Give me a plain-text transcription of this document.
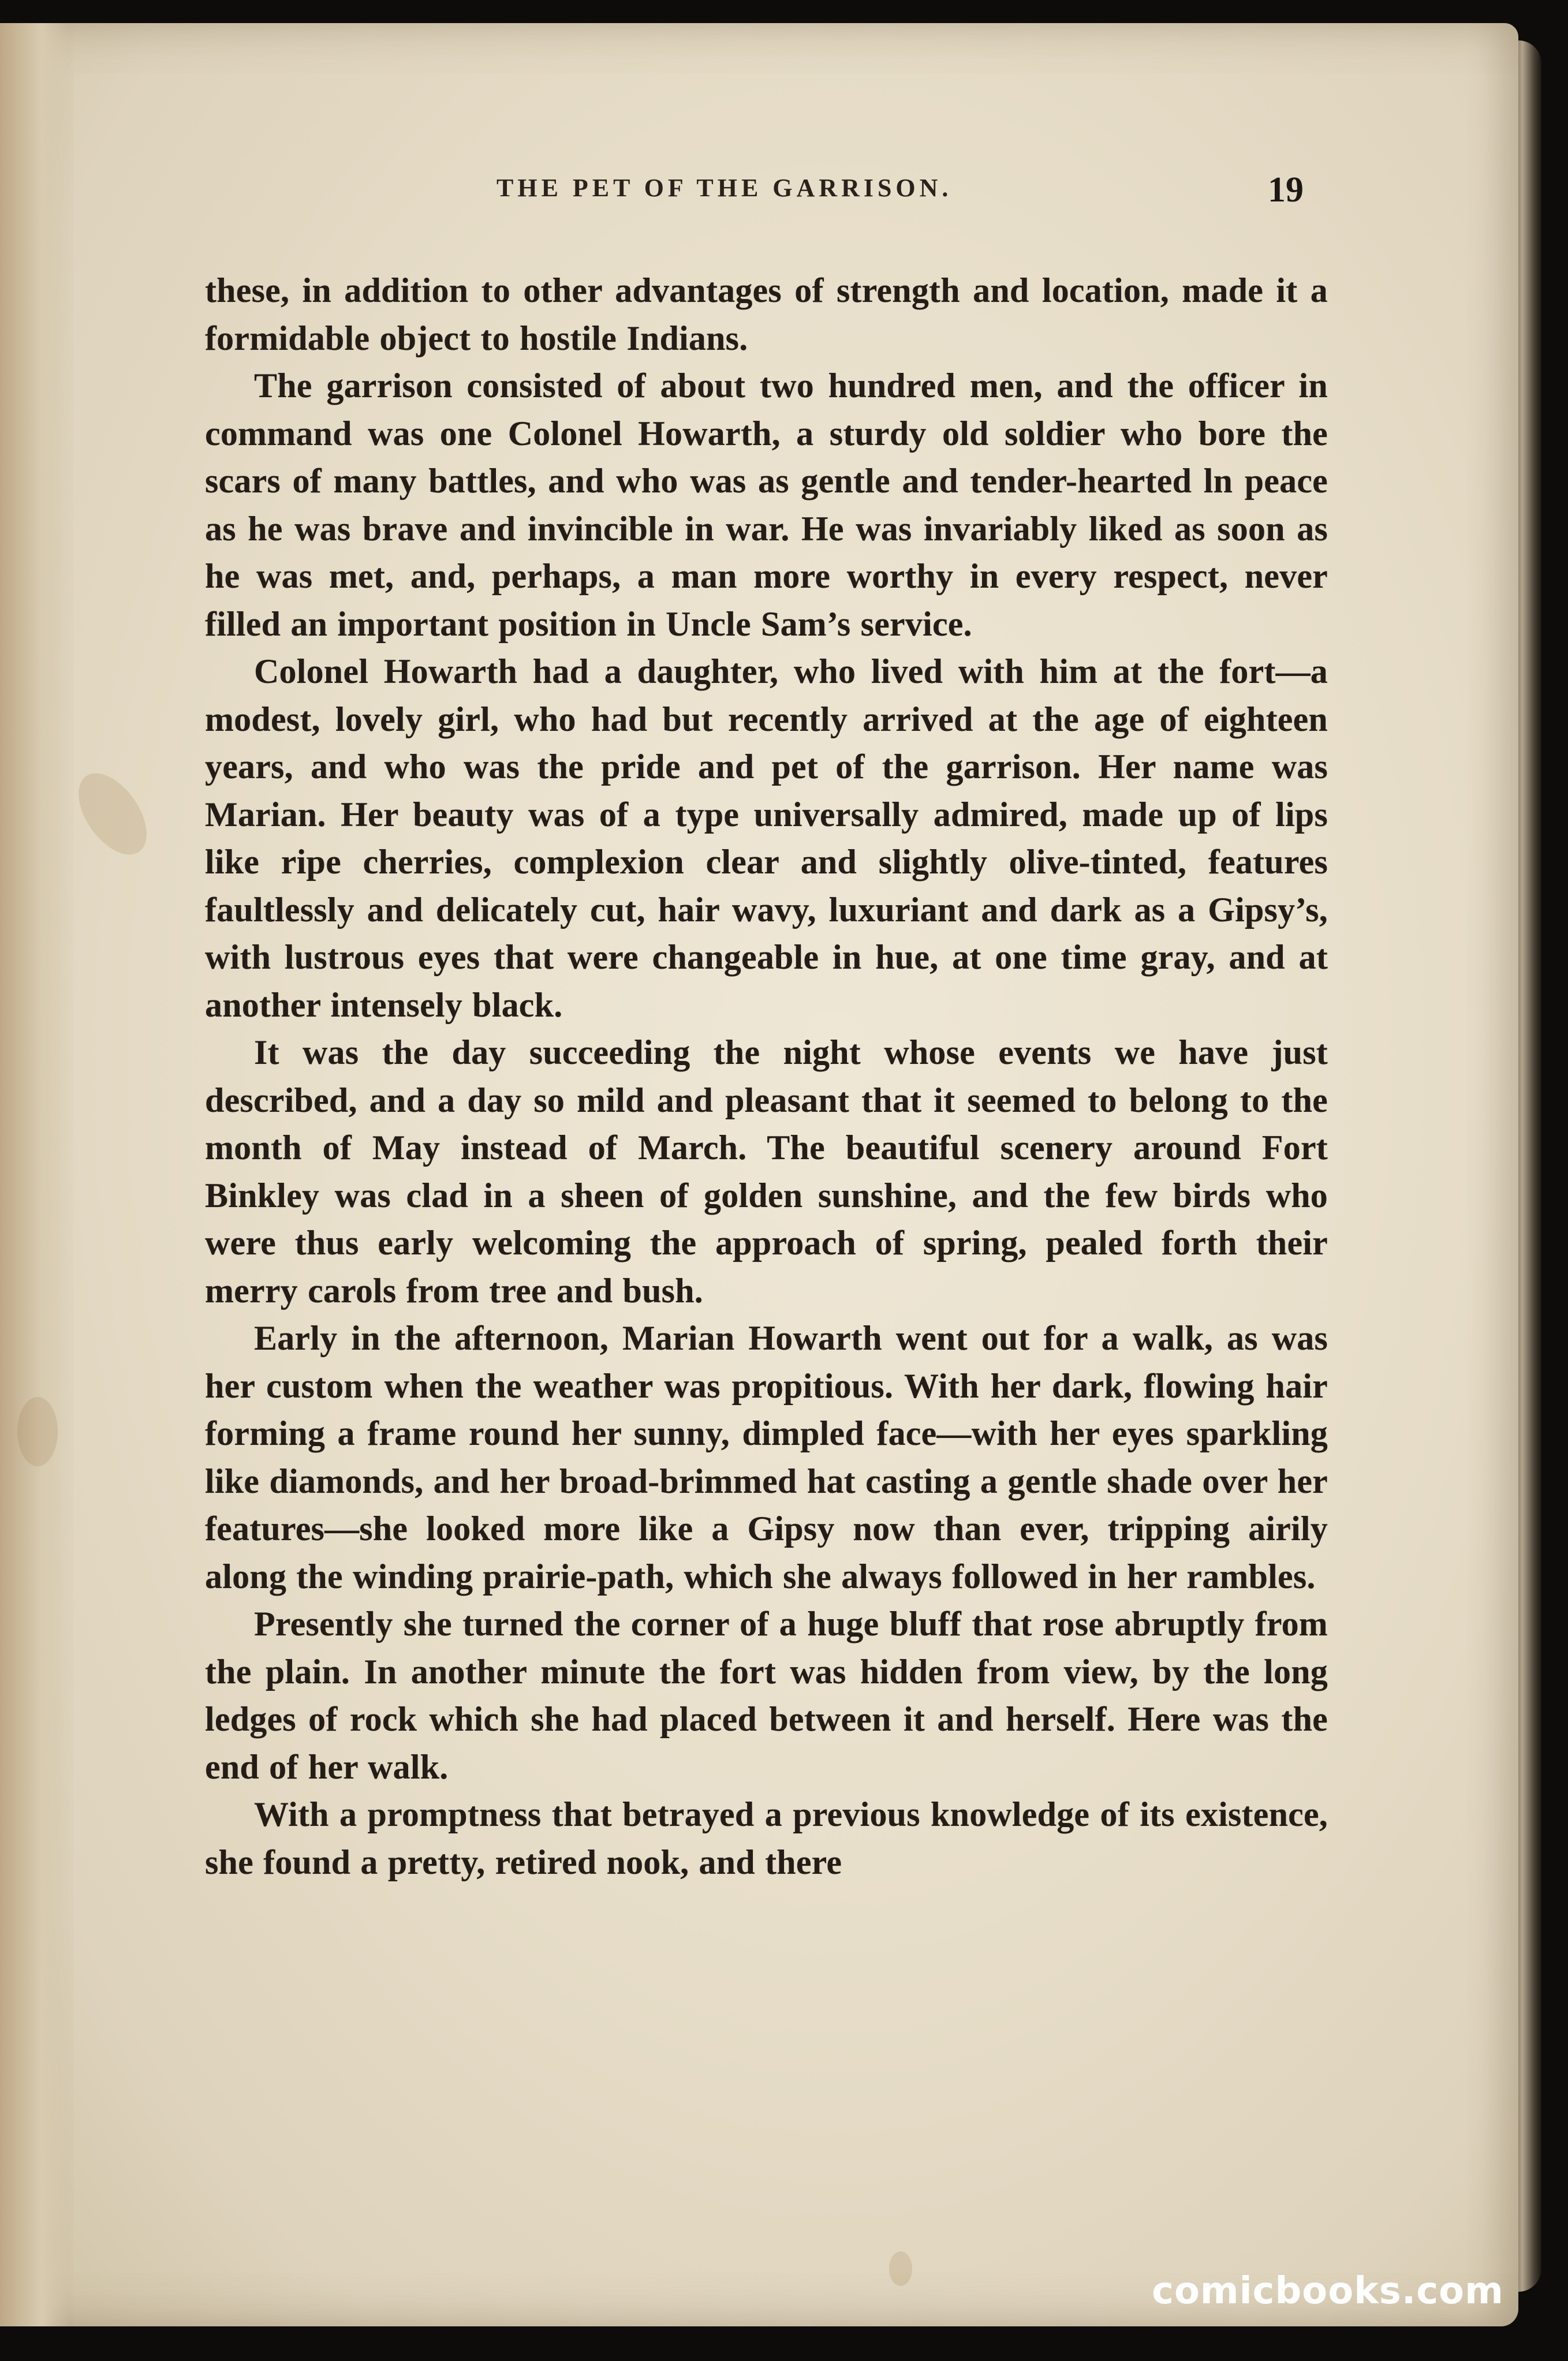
THE PET OF THE GARRISON.	19

these, in addition to other advantages of strength and location, made it a formidable object to hostile Indians.

The garrison consisted of about two hundred men, and the officer in command was one Colonel Howarth, a sturdy old soldier who bore the scars of many battles, and who was as gentle and tender-hearted ln peace as he was brave and invincible in war. He was invariably liked as soon as he was met, and, perhaps, a man more worthy in every respect, never filled an important position in Uncle Sam’s service.

Colonel Howarth had a daughter, who lived with him at the fort—a modest, lovely girl, who had but recently arrived at the age of eighteen years, and who was the pride and pet of the garrison. Her name was Marian. Her beauty was of a type universally admired, made up of lips like ripe cherries, complexion clear and slightly olive-tinted, features faultlessly and delicately cut, hair wavy, luxuriant and dark as a Gipsy’s, with lustrous eyes that were changeable in hue, at one time gray, and at another intensely black.

It was the day succeeding the night whose events we have just described, and a day so mild and pleasant that it seemed to belong to the month of May instead of March. The beautiful scenery around Fort Binkley was clad in a sheen of golden sunshine, and the few birds who were thus early welcoming the approach of spring, pealed forth their merry carols from tree and bush.

Early in the afternoon, Marian Howarth went out for a walk, as was her custom when the weather was propitious. With her dark, flowing hair forming a frame round her sunny, dimpled face—with her eyes sparkling like diamonds, and her broad-brimmed hat casting a gentle shade over her features—she looked more like a Gipsy now than ever, tripping airily along the winding prairie-path, which she always followed in her rambles.

Presently she turned the corner of a huge bluff that rose abruptly from the plain. In another minute the fort was hidden from view, by the long ledges of rock which she had placed between it and herself. Here was the end of her walk.

With a promptness that betrayed a previous knowledge of its existence, she found a pretty, retired nook, and there

comicbooks.com
